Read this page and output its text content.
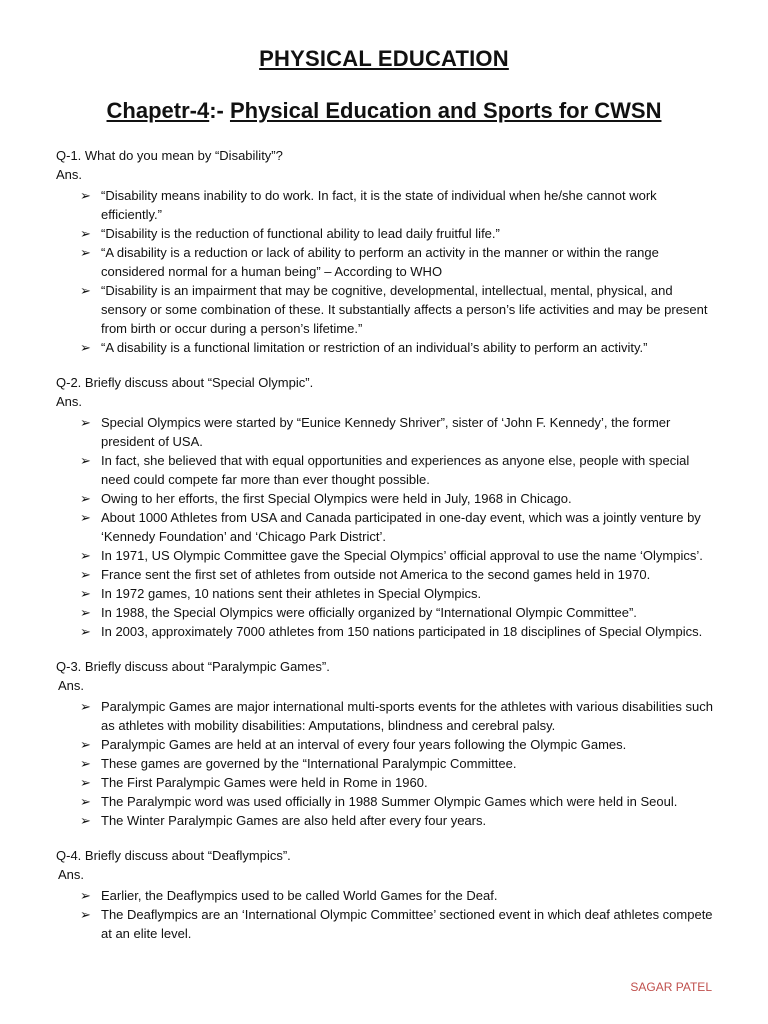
PHYSICAL EDUCATION
Chapetr-4:- Physical Education and Sports for CWSN

Q-1. What do you mean by “Disability”?

Ans.

➢ “Disability means inability to do work. In fact, it is the state of individual when he/she cannot work efficiently.”
➢ “Disability is the reduction of functional ability to lead daily fruitful life.”
➢ “A disability is a reduction or lack of ability to perform an activity in the manner or within the range considered normal for a human being” – According to WHO
➢ “Disability is an impairment that may be cognitive, developmental, intellectual, mental, physical, and sensory or some combination of these. It substantially affects a person’s life activities and may be present from birth or occur during a person’s lifetime.”
➢ “A disability is a functional limitation or restriction of an individual’s ability to perform an activity.”

Q-2. Briefly discuss about “Special Olympic”.

Ans.

➢ Special Olympics were started by “Eunice Kennedy Shriver”, sister of ‘John F. Kennedy’, the former president of USA.
➢ In fact, she believed that with equal opportunities and experiences as anyone else, people with special need could compete far more than ever thought possible.
➢ Owing to her efforts, the first Special Olympics were held in July, 1968 in Chicago.
➢ About 1000 Athletes from USA and Canada participated in one-day event, which was a jointly venture by ‘Kennedy Foundation’ and ‘Chicago Park District’.
➢ In 1971, US Olympic Committee gave the Special Olympics’ official approval to use the name ‘Olympics’.
➢ France sent the first set of athletes from outside not America to the second games held in 1970.
➢ In 1972 games, 10 nations sent their athletes in Special Olympics.
➢ In 1988, the Special Olympics were officially organized by “International Olympic Committee”.
➢ In 2003, approximately 7000 athletes from 150 nations participated in 18 disciplines of Special Olympics.

Q-3. Briefly discuss about “Paralympic Games”.

Ans.

➢ Paralympic Games are major international multi-sports events for the athletes with various disabilities such as athletes with mobility disabilities: Amputations, blindness and cerebral palsy.
➢ Paralympic Games are held at an interval of every four years following the Olympic Games.
➢ These games are governed by the “International Paralympic Committee.
➢ The First Paralympic Games were held in Rome in 1960.
➢ The Paralympic word was used officially in 1988 Summer Olympic Games which were held in Seoul.
➢ The Winter Paralympic Games are also held after every four years.

Q-4. Briefly discuss about “Deaflympics”.

Ans.

➢ Earlier, the Deaflympics used to be called World Games for the Deaf.
➢ The Deaflympics are an ‘International Olympic Committee’ sectioned event in which deaf athletes compete at an elite level.
SAGAR PATEL
